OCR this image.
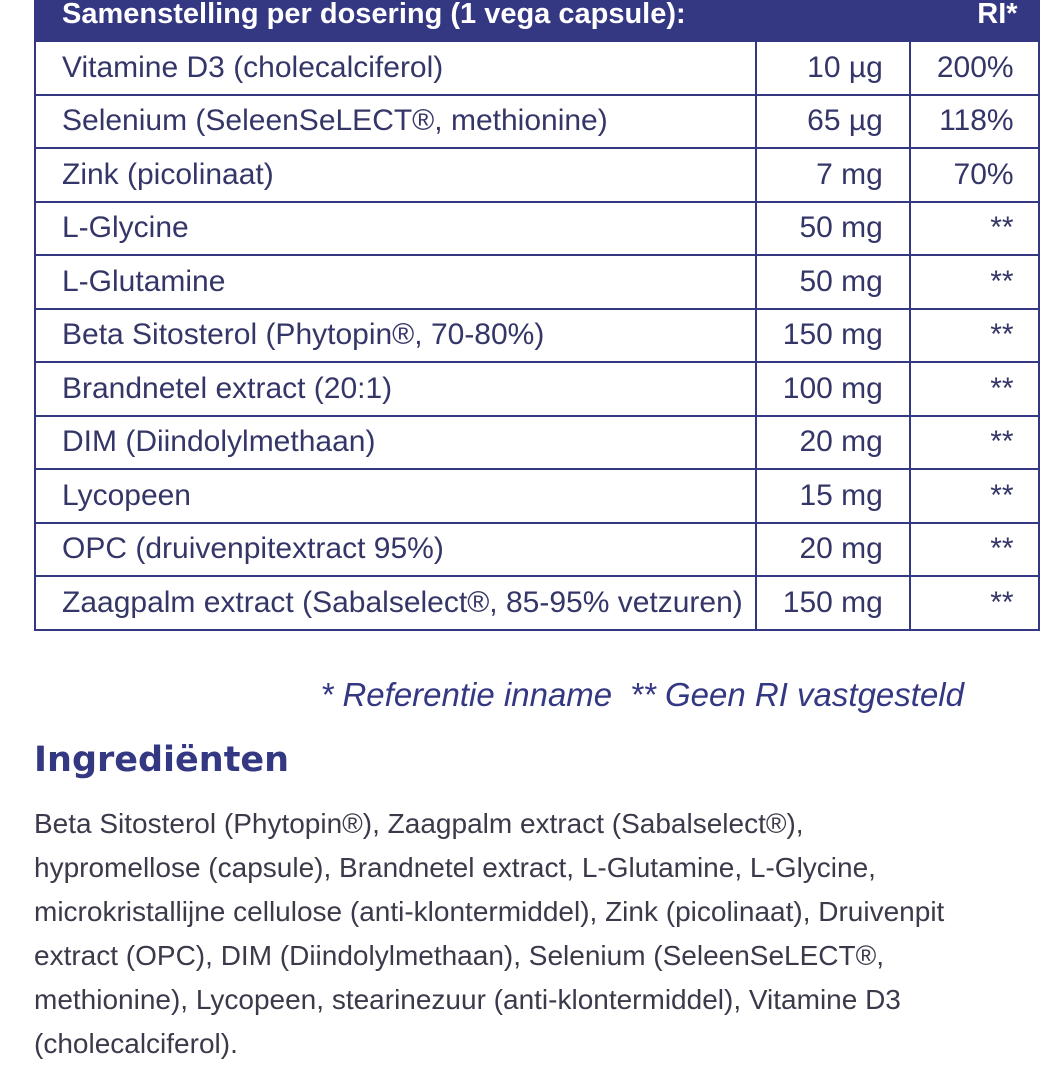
Samenstelling per dosering (1 vega capsule):		RI*
Vitamine D3 (cholecalciferol)	10 µg	200%
Selenium (SeleenSeLECT®, methionine)	65 µg	118%
Zink (picolinaat)	7 mg	70%
L-Glycine	50 mg	**
L-Glutamine	50 mg	**
Beta Sitosterol (Phytopin®, 70-80%)	150 mg	**
Brandnetel extract (20:1)	100 mg	**
DIM (Diindolylmethaan)	20 mg	**
Lycopeen	15 mg	**
OPC (druivenpitextract 95%)	20 mg	**
Zaagpalm extract (Sabalselect®, 85-95% vetzuren)	150 mg	**
* Referentie inname ** Geen RI vastgesteld
Ingrediënten

Beta Sitosterol (Phytopin®), Zaagpalm extract (Sabalselect®), hypromellose (capsule), Brandnetel extract, L-Glutamine, L-Glycine, microkristallijne cellulose (anti-klontermiddel), Zink (picolinaat), Druivenpit extract (OPC), DIM (Diindolylmethaan), Selenium (SeleenSeLECT®, methionine), Lycopeen, stearinezuur (anti-klontermiddel), Vitamine D3 (cholecalciferol).
